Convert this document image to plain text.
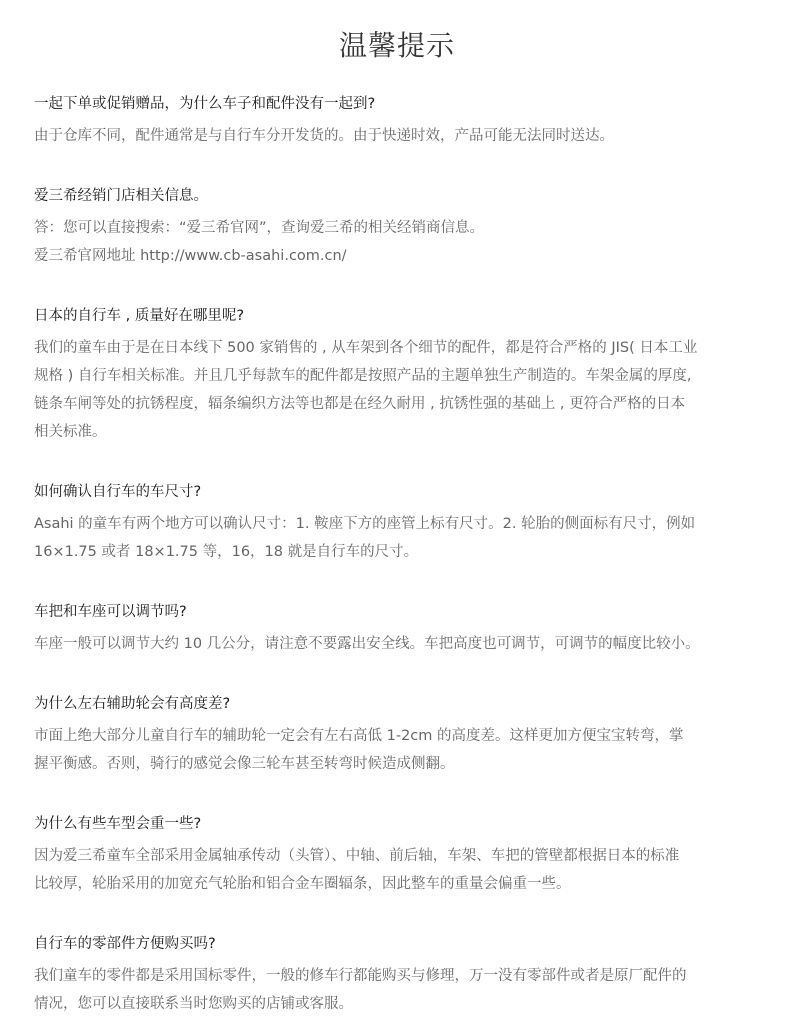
温馨提示
一起下单或促销赠品，为什么车子和配件没有一起到?
由于仓库不同，配件通常是与自行车分开发货的。由于快递时效，产品可能无法同时送达。
爱三希经销门店相关信息。
答：您可以直接搜索：“爱三希官网”，查询爱三希的相关经销商信息。
爱三希官网地址 http://www.cb-asahi.com.cn/
日本的自行车 , 质量好在哪里呢?
我们的童车由于是在日本线下 500 家销售的 , 从车架到各个细节的配件，都是符合严格的 JIS( 日本工业
规格 ) 自行车相关标准。并且几乎每款车的配件都是按照产品的主题单独生产制造的。车架金属的厚度,
链条车闸等处的抗锈程度，辐条编织方法等也都是在经久耐用 , 抗锈性强的基础上 , 更符合严格的日本
相关标准。
如何确认自行车的车尺寸?
Asahi 的童车有两个地方可以确认尺寸：1. 鞍座下方的座管上标有尺寸。2. 轮胎的侧面标有尺寸，例如
16×1.75 或者 18×1.75 等，16，18 就是自行车的尺寸。
车把和车座可以调节吗?
车座一般可以调节大约 10 几公分，请注意不要露出安全线。车把高度也可调节，可调节的幅度比较小。
为什么左右辅助轮会有高度差?
市面上绝大部分儿童自行车的辅助轮一定会有左右高低 1-2cm 的高度差。这样更加方便宝宝转弯，掌
握平衡感。否则，骑行的感觉会像三轮车甚至转弯时候造成侧翻。
为什么有些车型会重一些?
因为爱三希童车全部采用金属轴承传动（头管）、中轴、前后轴，车架、车把的管壁都根据日本的标准
比较厚，轮胎采用的加宽充气轮胎和铝合金车圈辐条，因此整车的重量会偏重一些。
自行车的零部件方便购买吗?
我们童车的零件都是采用国标零件，一般的修车行都能购买与修理，万一没有零部件或者是原厂配件的
情况，您可以直接联系当时您购买的店铺或客服。
